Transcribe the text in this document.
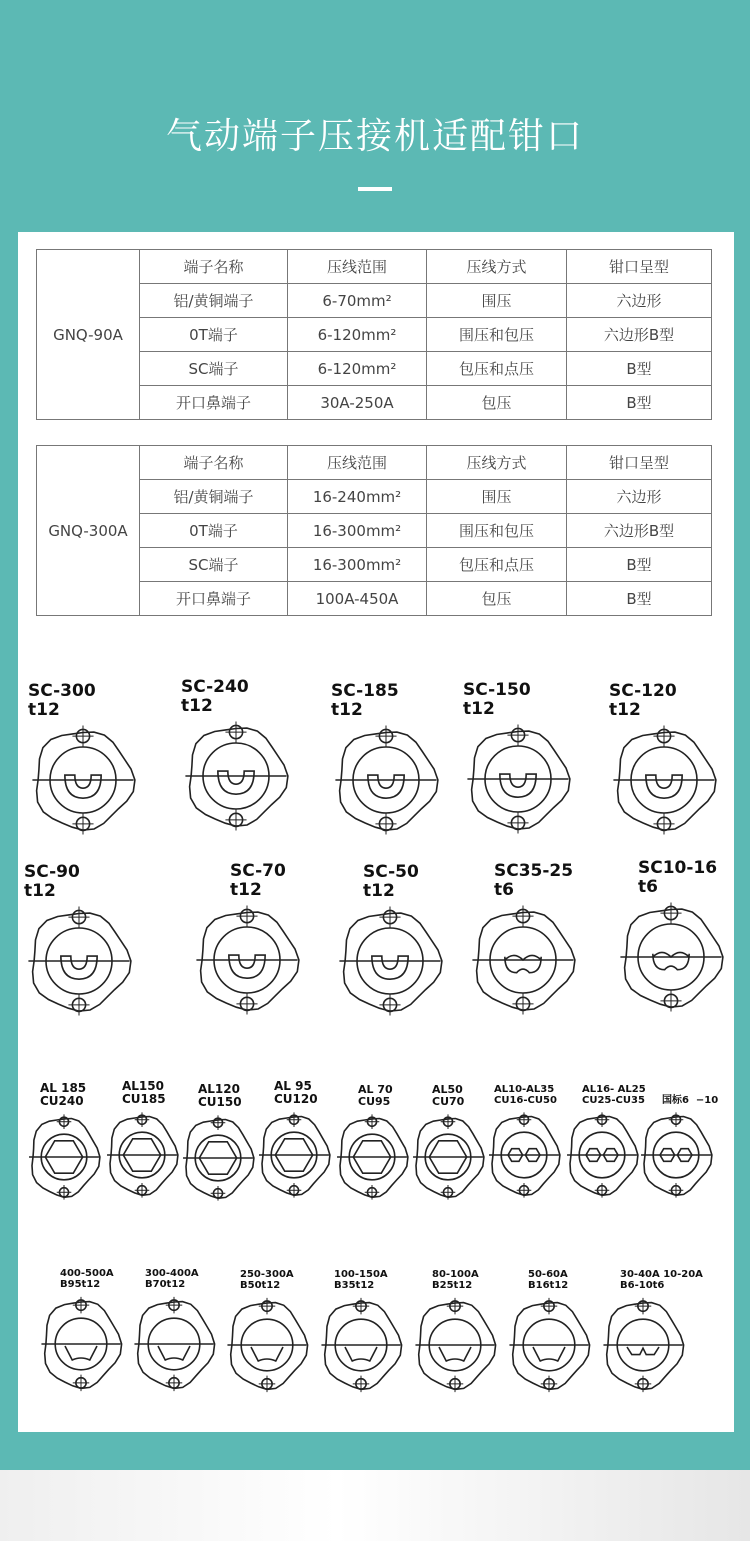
气动端子压接机适配钳口
GNQ-90A	端子名称	压线范围	压线方式	钳口呈型
	铝/黄铜端子	6-70mm²	围压	六边形
	0T端子	6-120mm²	围压和包压	六边形B型
	SC端子	6-120mm²	包压和点压	B型
	开口鼻端子	30A-250A	包压	B型
GNQ-300A	端子名称	压线范围	压线方式	钳口呈型
	铝/黄铜端子	16-240mm²	围压	六边形
	0T端子	16-300mm²	围压和包压	六边形B型
	SC端子	16-300mm²	包压和点压	B型
	开口鼻端子	100A-450A	包压	B型
SC-300
t12
SC-240
t12
SC-185
t12
SC-150
t12
SC-120
t12
SC-90
t12
SC-70
t12
SC-50
t12
SC35-25
t6
SC10-16
t6
AL 185
CU240
AL150
CU185
AL120
CU150
AL 95
CU120
AL 70
CU95
AL50
CU70
AL10-AL35
CU16-CU50
AL16- AL25
CU25-CU35	国标6  −10
400-500A
B95t12
300-400A
B70t12
250-300A
B50t12
100-150A
B35t12
80-100A
B25t12
50-60A
B16t12
30-40A 10-20A
B6-10t6
